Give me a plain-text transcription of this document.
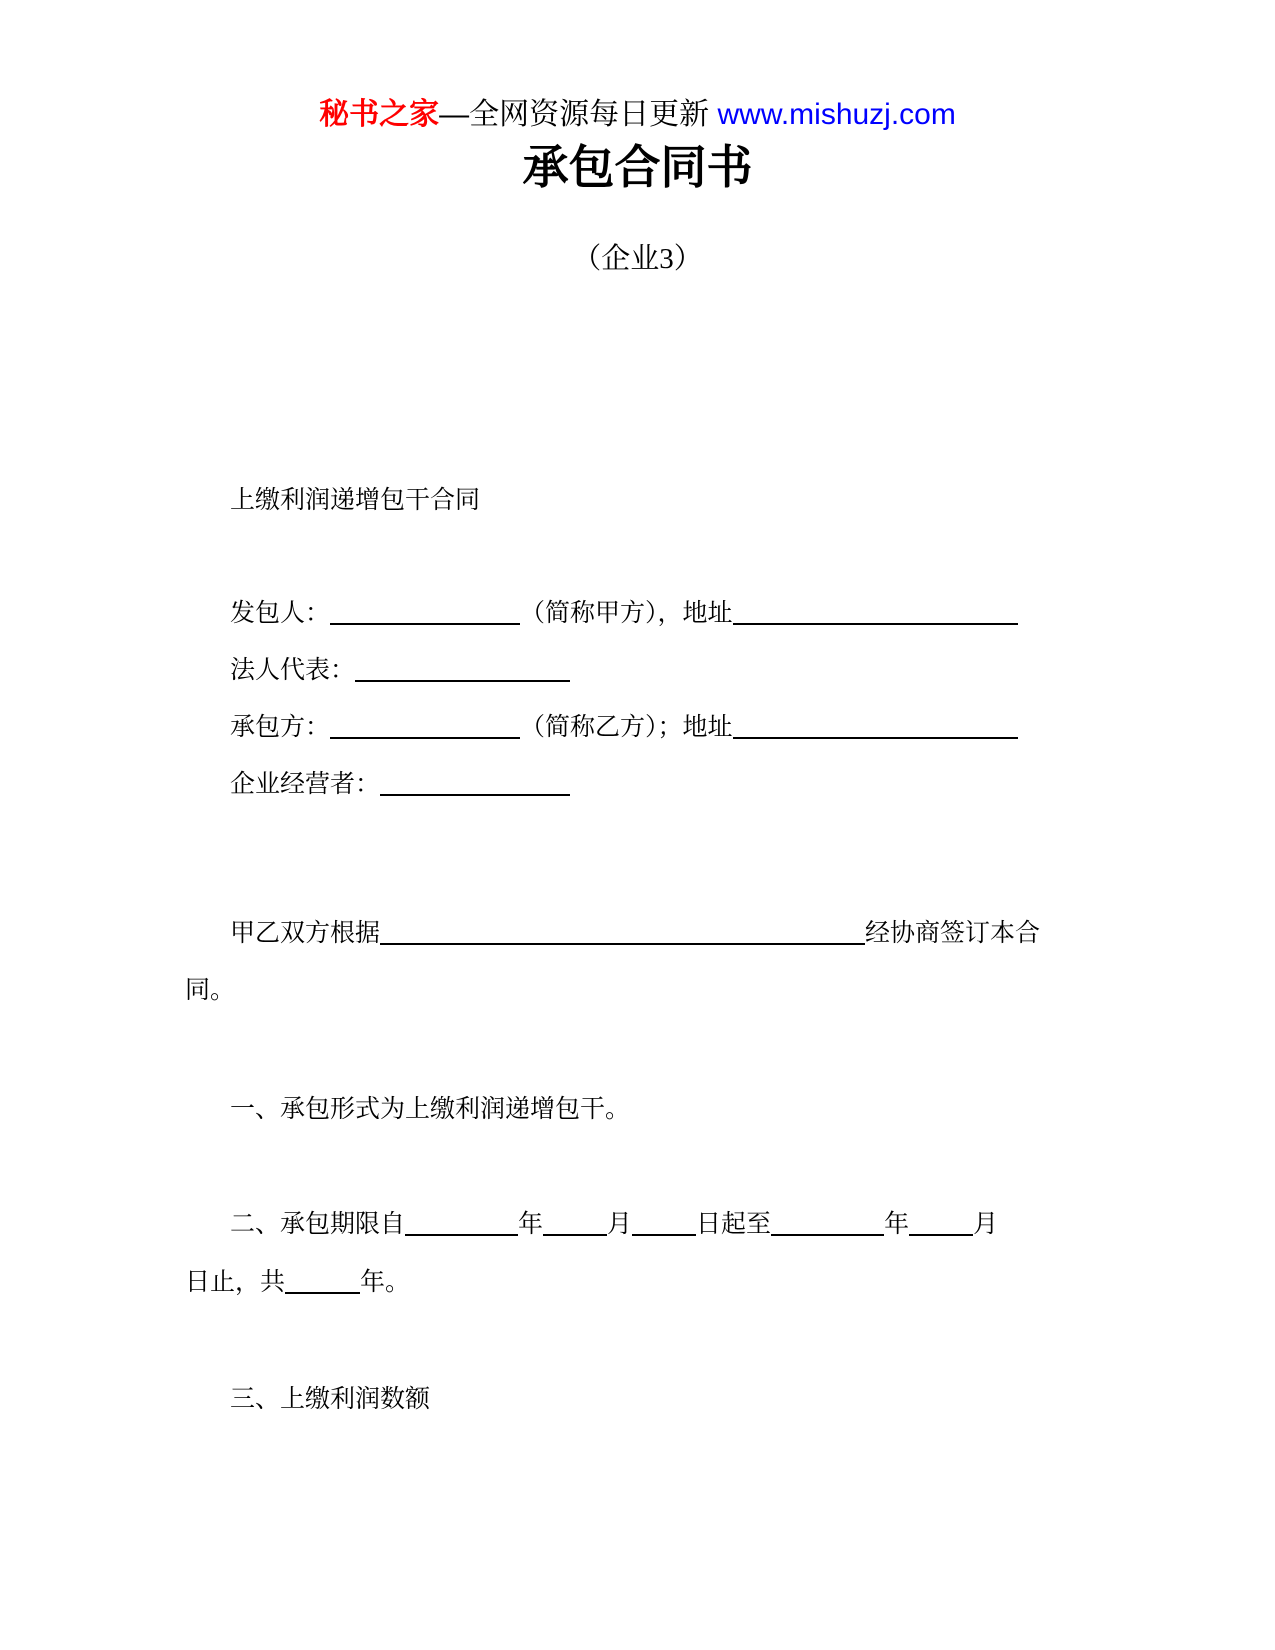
秘书之家—全网资源每日更新 www.mishuzj.com
承包合同书
（企业3）
上缴利润递增包干合同
发包人：	（简称甲方），地址
法人代表：
承包方：	（简称乙方）；地址
企业经营者：
甲乙双方根据	经协商签订本合
同。
一、承包形式为上缴利润递增包干。
二、承包期限自	年	月	日起至	年	月
日止，共	年。
三、上缴利润数额
